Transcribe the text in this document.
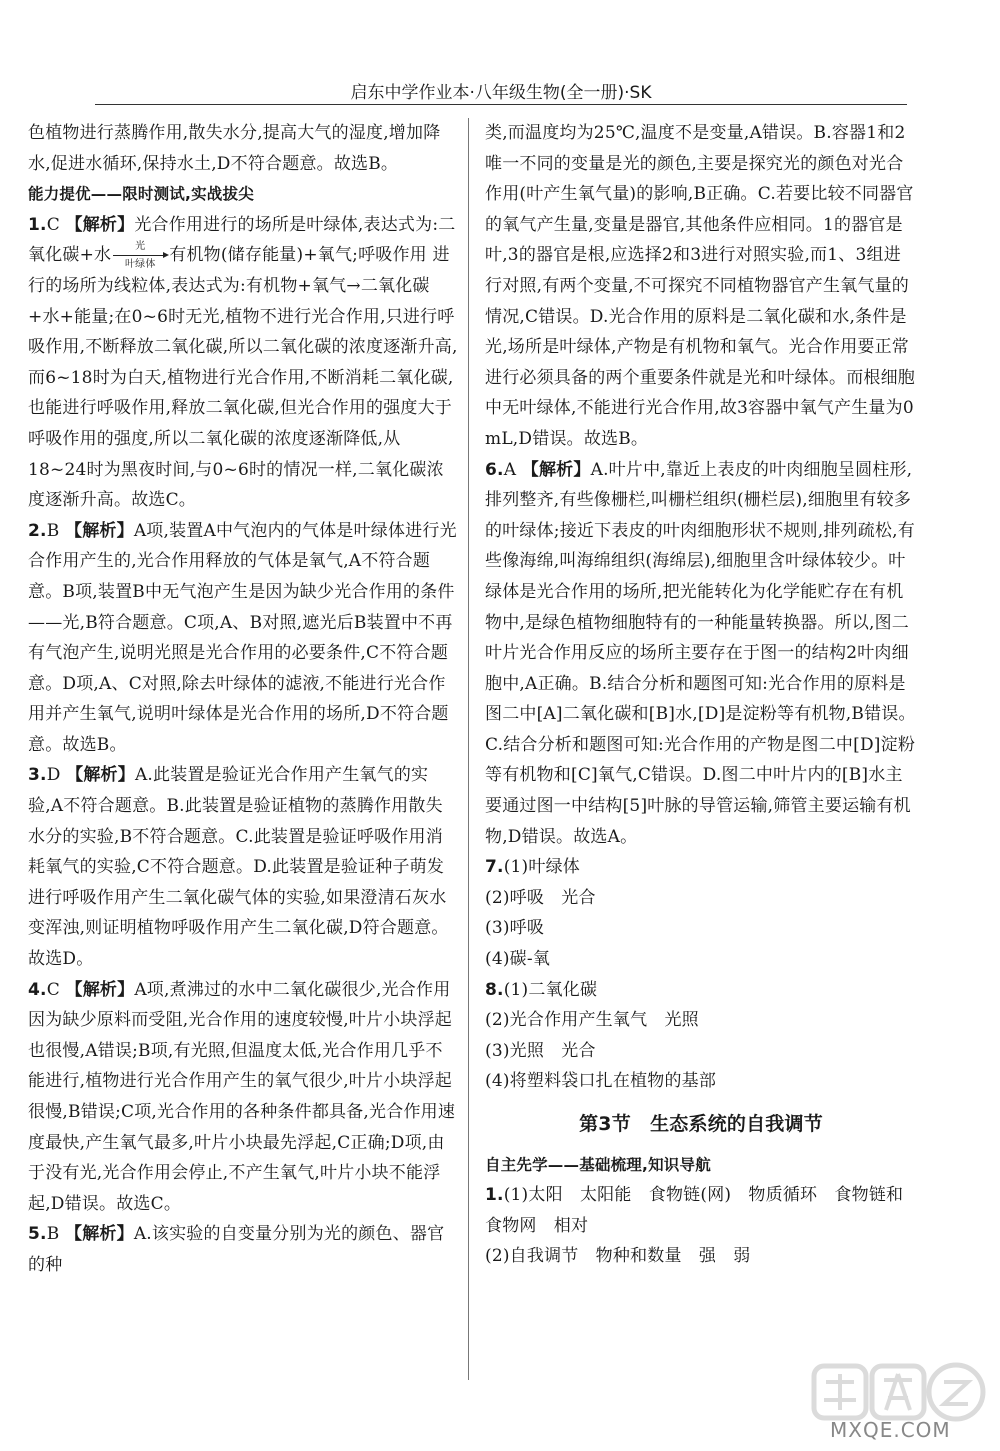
启东中学作业本·八年级生物(全一册)·SK

色植物进行蒸腾作用,散失水分,提高大气的湿度,增加降水,促进水循环,保持水土,D不符合题意。故选B。

能力提优——限时测试,实战拔尖

1.C 【解析】光合作用进行的场所是叶绿体,表达式为:二
氧化碳+水	光
叶绿体 有机物(储存能量)+氧气;呼吸作用 进行的场所为线粒体,表达式为:有机物+氧气→二氧化碳+水+能量;在0~6时无光,植物不进行光合作用,只进行呼吸作用,不断释放二氧化碳,所以二氧化碳的浓度逐渐升高,而6~18时为白天,植物进行光合作用,不断消耗二氧化碳,也能进行呼吸作用,释放二氧化碳,但光合作用的强度大于呼吸作用的强度,所以二氧化碳的浓度逐渐降低,从18~24时为黑夜时间,与0~6时的情况一样,二氧化碳浓度逐渐升高。故选C。

2.B 【解析】A项,装置A中气泡内的气体是叶绿体进行光合作用产生的,光合作用释放的气体是氧气,A不符合题意。B项,装置B中无气泡产生是因为缺少光合作用的条件——光,B符合题意。C项,A、B对照,遮光后B装置中不再有气泡产生,说明光照是光合作用的必要条件,C不符合题意。D项,A、C对照,除去叶绿体的滤液,不能进行光合作用并产生氧气,说明叶绿体是光合作用的场所,D不符合题意。故选B。

3.D 【解析】A.此装置是验证光合作用产生氧气的实验,A不符合题意。B.此装置是验证植物的蒸腾作用散失水分的实验,B不符合题意。C.此装置是验证呼吸作用消耗氧气的实验,C不符合题意。D.此装置是验证种子萌发进行呼吸作用产生二氧化碳气体的实验,如果澄清石灰水变浑浊,则证明植物呼吸作用产生二氧化碳,D符合题意。故选D。

4.C 【解析】A项,煮沸过的水中二氧化碳很少,光合作用因为缺少原料而受阻,光合作用的速度较慢,叶片小块浮起也很慢,A错误;B项,有光照,但温度太低,光合作用几乎不能进行,植物进行光合作用产生的氧气很少,叶片小块浮起很慢,B错误;C项,光合作用的各种条件都具备,光合作用速度最快,产生氧气最多,叶片小块最先浮起,C正确;D项,由于没有光,光合作用会停止,不产生氧气,叶片小块不能浮起,D错误。故选C。

5.B 【解析】A.该实验的自变量分别为光的颜色、器官的种

类,而温度均为25℃,温度不是变量,A错误。B.容器1和2唯一不同的变量是光的颜色,主要是探究光的颜色对光合作用(叶产生氧气量)的影响,B正确。C.若要比较不同器官的氧气产生量,变量是器官,其他条件应相同。1的器官是叶,3的器官是根,应选择2和3进行对照实验,而1、3组进行对照,有两个变量,不可探究不同植物器官产生氧气量的情况,C错误。D.光合作用的原料是二氧化碳和水,条件是光,场所是叶绿体,产物是有机物和氧气。光合作用要正常进行必须具备的两个重要条件就是光和叶绿体。而根细胞中无叶绿体,不能进行光合作用,故3容器中氧气产生量为0 mL,D错误。故选B。

6.A 【解析】A.叶片中,靠近上表皮的叶肉细胞呈圆柱形,排列整齐,有些像栅栏,叫栅栏组织(栅栏层),细胞里有较多的叶绿体;接近下表皮的叶肉细胞形状不规则,排列疏松,有些像海绵,叫海绵组织(海绵层),细胞里含叶绿体较少。叶绿体是光合作用的场所,把光能转化为化学能贮存在有机物中,是绿色植物细胞特有的一种能量转换器。所以,图二叶片光合作用反应的场所主要存在于图一的结构2叶肉细胞中,A正确。B.结合分析和题图可知:光合作用的原料是图二中[A]二氧化碳和[B]水,[D]是淀粉等有机物,B错误。C.结合分析和题图可知:光合作用的产物是图二中[D]淀粉等有机物和[C]氧气,C错误。D.图二中叶片内的[B]水主要通过图一中结构[5]叶脉的导管运输,筛管主要运输有机物,D错误。故选A。

7.(1)叶绿体

(2)呼吸　光合

(3)呼吸

(4)碳-氧

8.(1)二氧化碳

(2)光合作用产生氧气　光照

(3)光照　光合

(4)将塑料袋口扎在植物的基部

第3节　生态系统的自我调节

自主先学——基础梳理,知识导航

1.(1)太阳　太阳能　食物链(网)　物质循环　食物链和食物网　相对

(2)自我调节　物种和数量　强　弱

MXQE.COM
